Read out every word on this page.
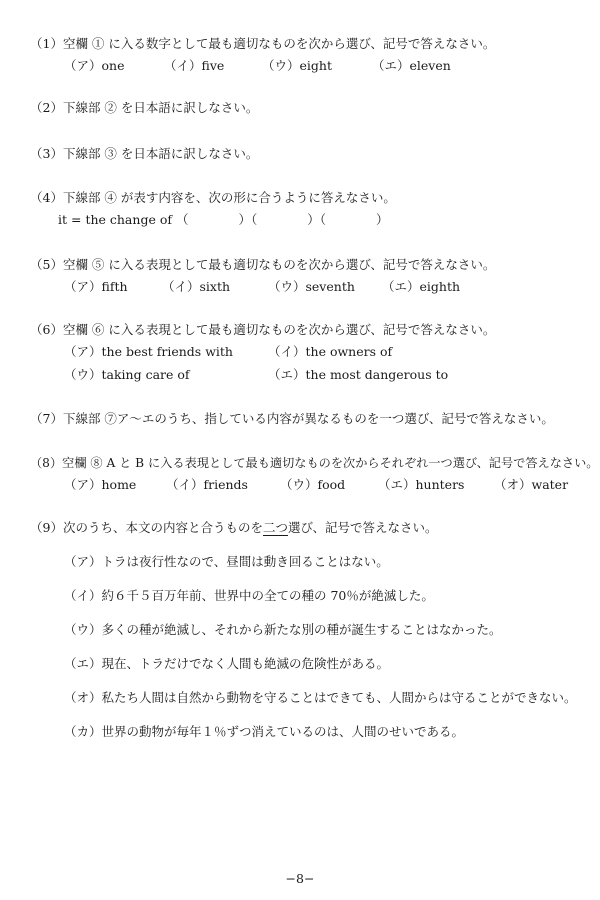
（1）空欄 ① に入る数字として最も適切なものを次から選び、記号で答えなさい。
（ア）one	（イ）five	（ウ）eight	（エ）eleven
（2）下線部 ② を日本語に訳しなさい。
（3）下線部 ③ を日本語に訳しなさい。
（4）下線部 ④ が表す内容を、次の形に合うように答えなさい。
it = the change of （　　　　）（　　　　）（　　　　）
（5）空欄 ⑤ に入る表現として最も適切なものを次から選び、記号で答えなさい。
（ア）fifth	（イ）sixth	（ウ）seventh （エ）eighth
（6）空欄 ⑥ に入る表現として最も適切なものを次から選び、記号で答えなさい。
（ア）the best friends with	（イ）the owners of
（ウ）taking care of	（エ）the most dangerous to
（7）下線部 ⑦ア～エのうち、指している内容が異なるものを一つ選び、記号で答えなさい。
（8）空欄 ⑧ A と B に入る表現として最も適切なものを次からそれぞれ一つ選び、記号で答えなさい。
（ア）home （イ）friends	（ウ）food	（エ）hunters （オ）water
（9）次のうち、本文の内容と合うものを二つ選び、記号で答えなさい。
（ア）トラは夜行性なので、昼間は動き回ることはない。
（イ）約６千５百万年前、世界中の全ての種の 70％が絶滅した。
（ウ）多くの種が絶滅し、それから新たな別の種が誕生することはなかった。
（エ）現在、トラだけでなく人間も絶滅の危険性がある。
（オ）私たち人間は自然から動物を守ることはできても、人間からは守ることができない。
（カ）世界の動物が毎年１％ずつ消えているのは、人間のせいである。
−8−
